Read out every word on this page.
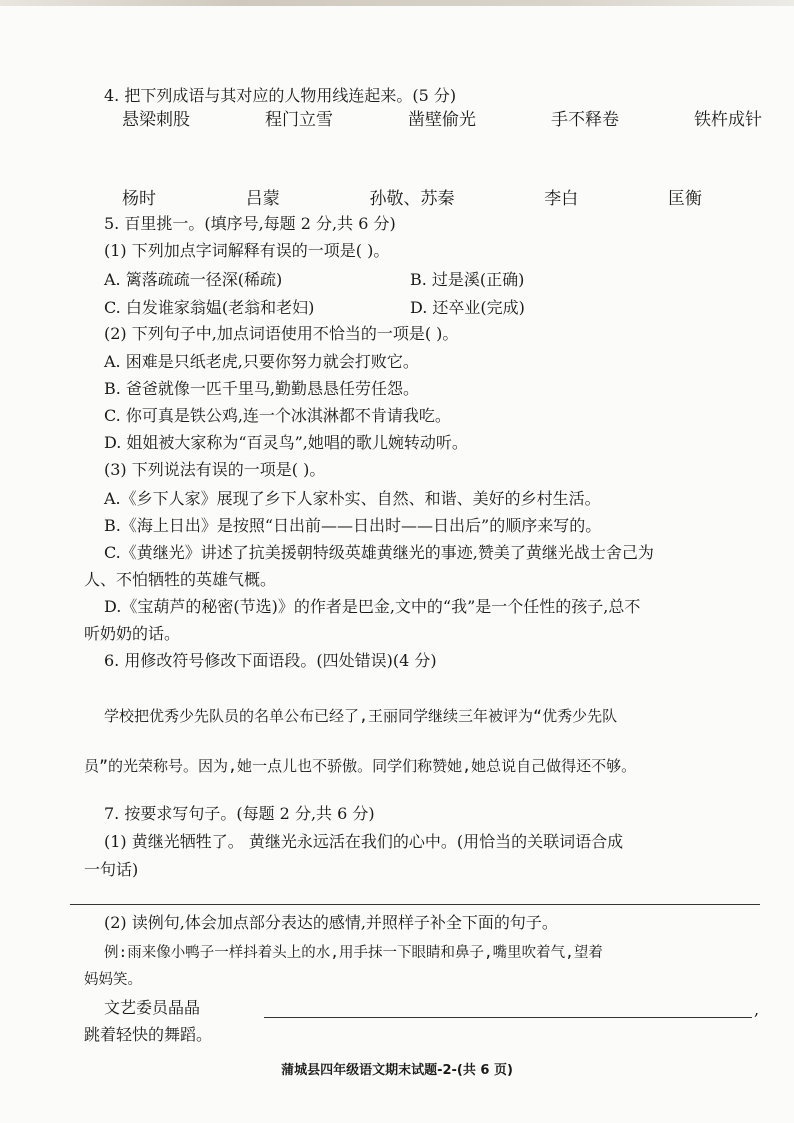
4. 把下列成语与其对应的人物用线连起来。(5 分)
悬梁刺股	程门立雪	凿壁偷光	手不释卷	铁杵成针
杨时	吕蒙	孙敬、苏秦	李白	匡衡
5. 百里挑一。(填序号,每题 2 分,共 6 分)
(1) 下列加点字词解释有误的一项是( )。
A. 篱落疏疏一径深(稀疏)	B. 过是溪(正确)
C. 白发谁家翁媪(老翁和老妇)	D. 还卒业(完成)
(2) 下列句子中,加点词语使用不恰当的一项是( )。
A. 困难是只纸老虎,只要你努力就会打败它。
B. 爸爸就像一匹千里马,勤勤恳恳任劳任怨。
C. 你可真是铁公鸡,连一个冰淇淋都不肯请我吃。
D. 姐姐被大家称为“百灵鸟”,她唱的歌儿婉转动听。
(3) 下列说法有误的一项是( )。
A.《乡下人家》展现了乡下人家朴实、自然、和谐、美好的乡村生活。
B.《海上日出》是按照“日出前——日出时——日出后”的顺序来写的。
C.《黄继光》讲述了抗美援朝特级英雄黄继光的事迹,赞美了黄继光战士舍己为
人、不怕牺牲的英雄气概。
D.《宝葫芦的秘密(节选)》的作者是巴金,文中的“我”是一个任性的孩子,总不
听奶奶的话。
6. 用修改符号修改下面语段。(四处错误)(4 分)
学校把优秀少先队员的名单公布已经了,王丽同学继续三年被评为“优秀少先队
员”的光荣称号。因为,她一点儿也不骄傲。同学们称赞她,她总说自己做得还不够。
7. 按要求写句子。(每题 2 分,共 6 分)
(1) 黄继光牺牲了。 黄继光永远活在我们的心中。(用恰当的关联词语合成
一句话)
(2) 读例句,体会加点部分表达的感情,并照样子补全下面的句子。
例:雨来像小鸭子一样抖着头上的水,用手抹一下眼睛和鼻子,嘴里吹着气,望着
妈妈笑。
文艺委员晶晶	,
跳着轻快的舞蹈。
蒲城县四年级语文期末试题-2-(共 6 页)
